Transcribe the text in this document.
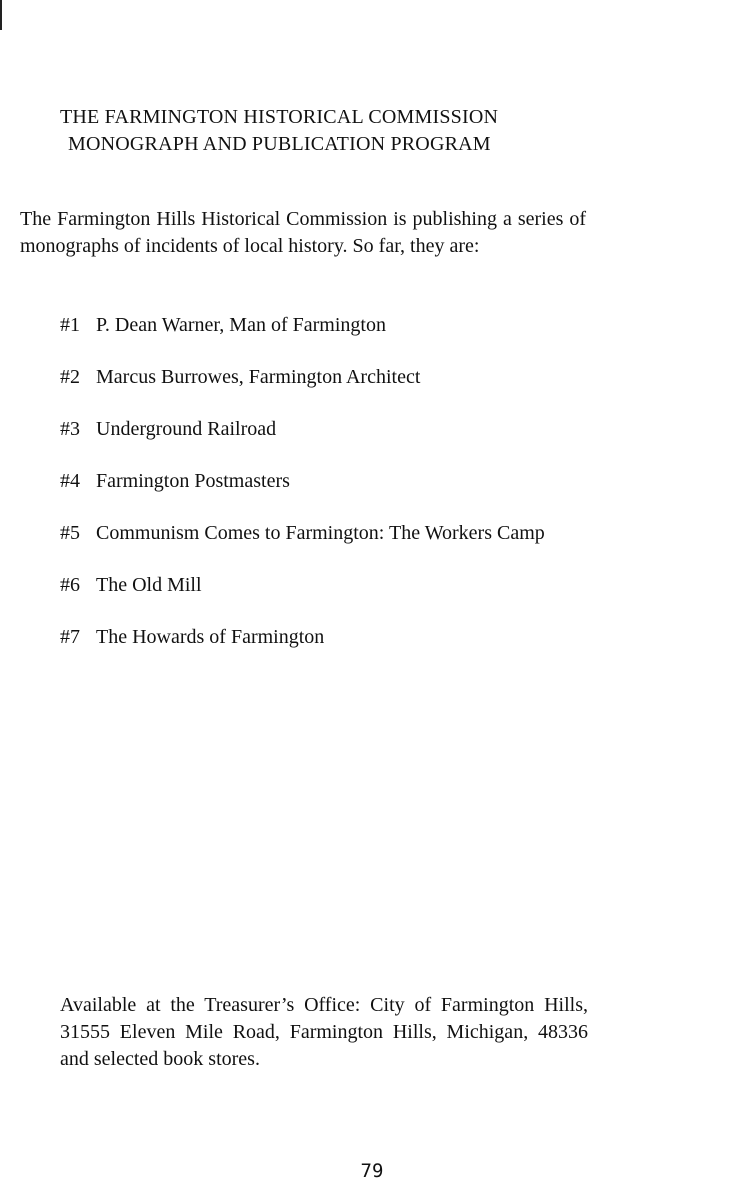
THE FARMINGTON HISTORICAL COMMISSION
MONOGRAPH AND PUBLICATION PROGRAM

The Farmington Hills Historical Commission is publishing a series of monographs of incidents of local history. So far, they are:

#1 P. Dean Warner, Man of Farmington
#2 Marcus Burrowes, Farmington Architect
#3 Underground Railroad
#4 Farmington Postmasters
#5 Communism Comes to Farmington: The Workers Camp
#6 The Old Mill
#7 The Howards of Farmington

Available at the Treasurer’s Office: City of Farmington Hills, 31555 Eleven Mile Road, Farmington Hills, Michigan, 48336 and selected book stores.

79
